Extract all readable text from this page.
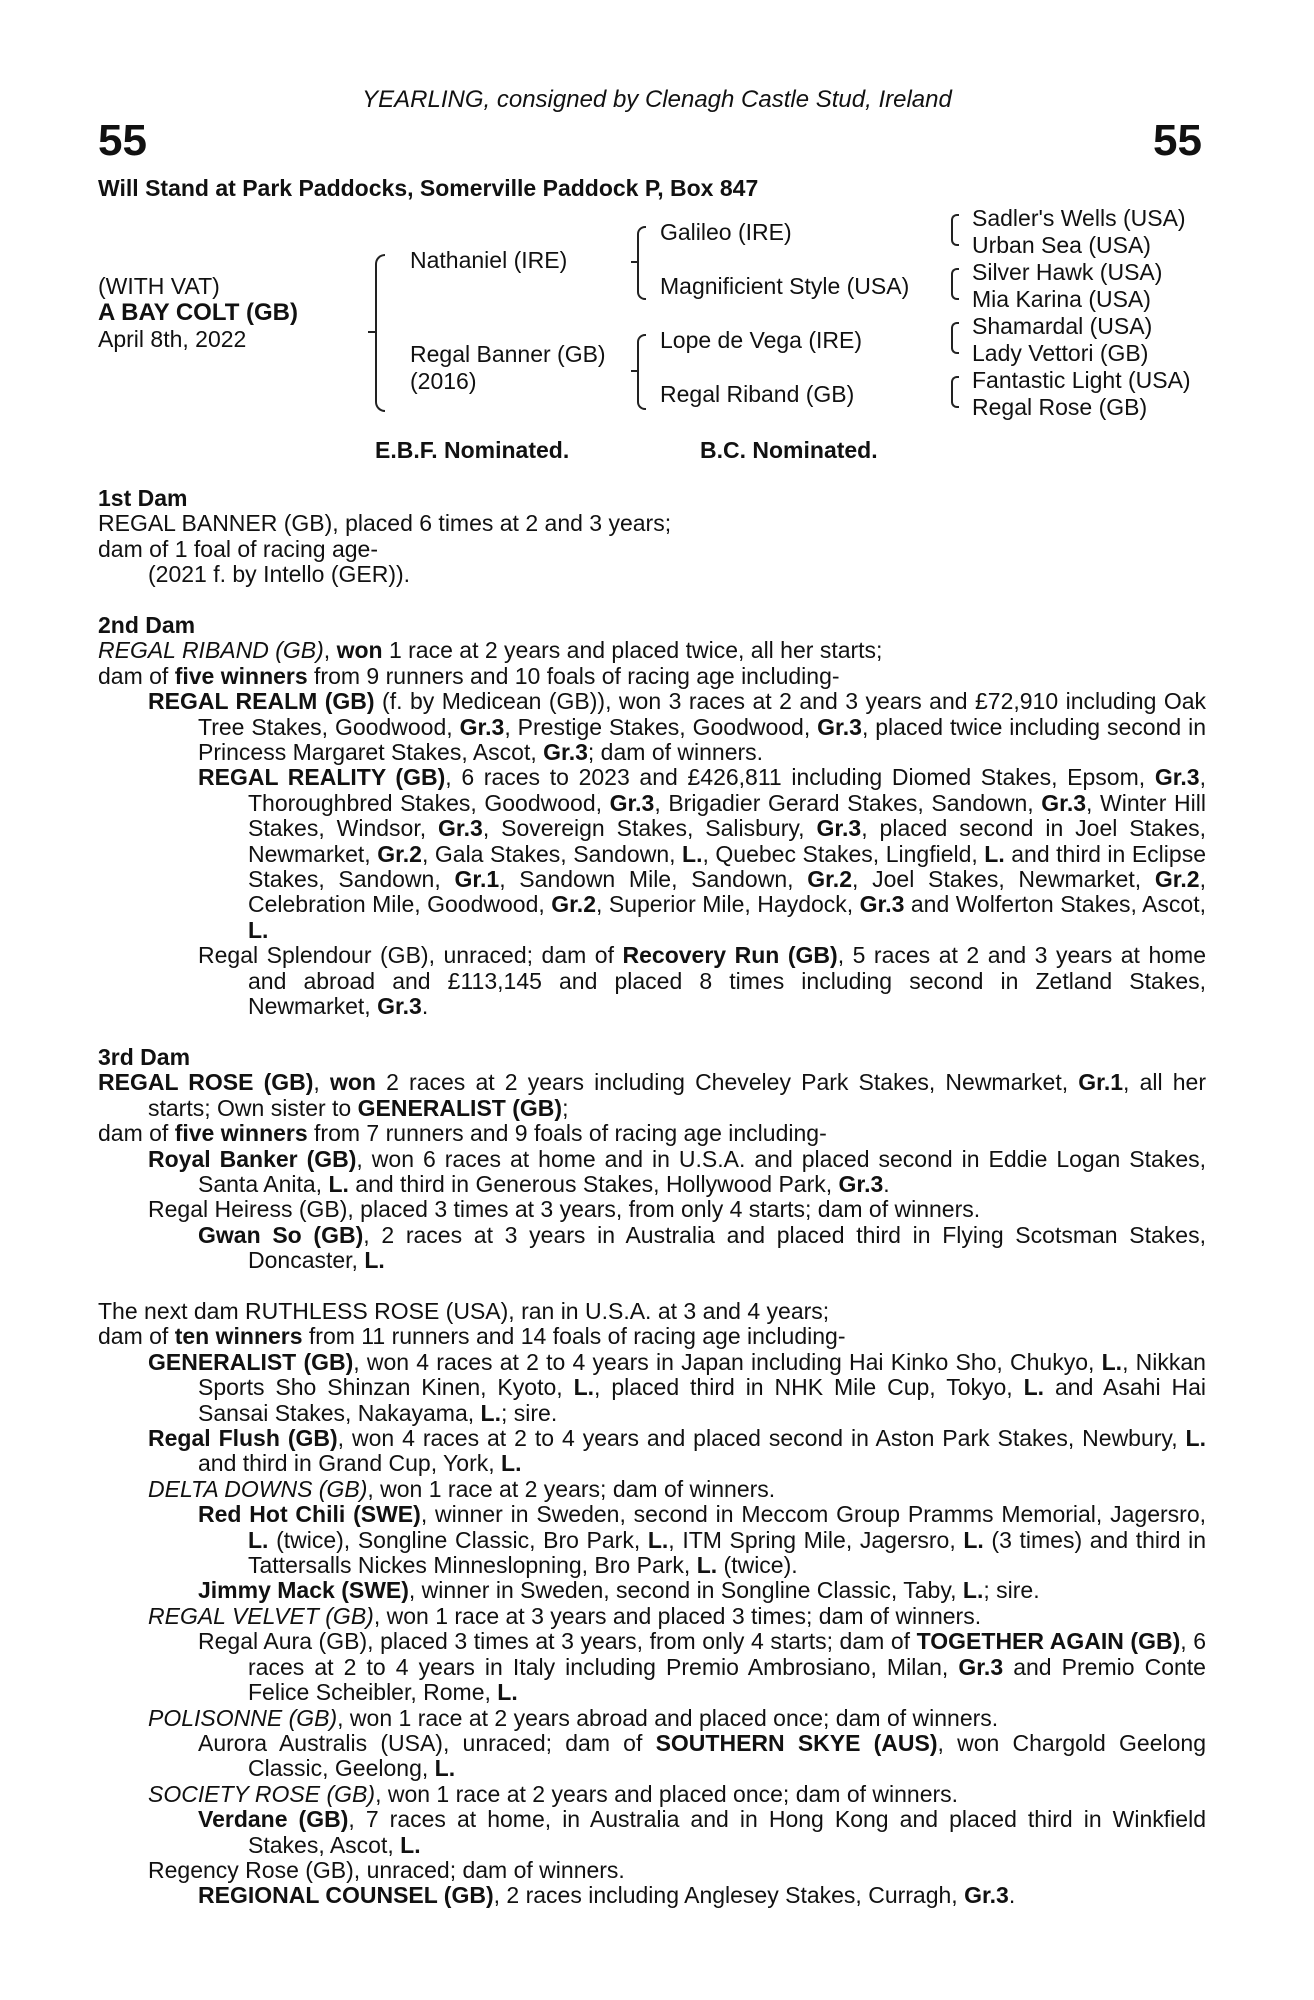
YEARLING, consigned by Clenagh Castle Stud, Ireland
55	55
Will Stand at Park Paddocks, Somerville Paddock P, Box 847
(WITH VAT)
A BAY COLT (GB)
April 8th, 2022
Nathaniel (IRE)
Regal Banner (GB)
(2016)
Galileo (IRE)
Magnificient Style (USA)
Lope de Vega (IRE)
Regal Riband (GB)
Sadler's Wells (USA)
Urban Sea (USA)
Silver Hawk (USA)
Mia Karina (USA)
Shamardal (USA)
Lady Vettori (GB)
Fantastic Light (USA)
Regal Rose (GB)
E.B.F. Nominated.	B.C. Nominated.

1st Dam

REGAL BANNER (GB), placed 6 times at 2 and 3 years;

dam of 1 foal of racing age-

(2021 f. by Intello (GER)).

2nd Dam

REGAL RIBAND (GB), won 1 race at 2 years and placed twice, all her starts;

dam of five winners from 9 runners and 10 foals of racing age including-

REGAL REALM (GB) (f. by Medicean (GB)), won 3 races at 2 and 3 years and £72,910 including Oak Tree Stakes, Goodwood, Gr.3, Prestige Stakes, Goodwood, Gr.3, placed twice including second in Princess Margaret Stakes, Ascot, Gr.3; dam of winners.

REGAL REALITY (GB), 6 races to 2023 and £426,811 including Diomed Stakes, Epsom, Gr.3, Thoroughbred Stakes, Goodwood, Gr.3, Brigadier Gerard Stakes, Sandown, Gr.3, Winter Hill Stakes, Windsor, Gr.3, Sovereign Stakes, Salisbury, Gr.3, placed second in Joel Stakes, Newmarket, Gr.2, Gala Stakes, Sandown, L., Quebec Stakes, Lingfield, L. and third in Eclipse Stakes, Sandown, Gr.1, Sandown Mile, Sandown, Gr.2, Joel Stakes, Newmarket, Gr.2, Celebration Mile, Goodwood, Gr.2, Superior Mile, Haydock, Gr.3 and Wolferton Stakes, Ascot, L.

Regal Splendour (GB), unraced; dam of Recovery Run (GB), 5 races at 2 and 3 years at home and abroad and £113,145 and placed 8 times including second in Zetland Stakes, Newmarket, Gr.3.

3rd Dam

REGAL ROSE (GB), won 2 races at 2 years including Cheveley Park Stakes, Newmarket, Gr.1, all her starts; Own sister to GENERALIST (GB);

dam of five winners from 7 runners and 9 foals of racing age including-

Royal Banker (GB), won 6 races at home and in U.S.A. and placed second in Eddie Logan Stakes, Santa Anita, L. and third in Generous Stakes, Hollywood Park, Gr.3.

Regal Heiress (GB), placed 3 times at 3 years, from only 4 starts; dam of winners.

Gwan So (GB), 2 races at 3 years in Australia and placed third in Flying Scotsman Stakes, Doncaster, L.

The next dam RUTHLESS ROSE (USA), ran in U.S.A. at 3 and 4 years;

dam of ten winners from 11 runners and 14 foals of racing age including-

GENERALIST (GB), won 4 races at 2 to 4 years in Japan including Hai Kinko Sho, Chukyo, L., Nikkan Sports Sho Shinzan Kinen, Kyoto, L., placed third in NHK Mile Cup, Tokyo, L. and Asahi Hai Sansai Stakes, Nakayama, L.; sire.

Regal Flush (GB), won 4 races at 2 to 4 years and placed second in Aston Park Stakes, Newbury, L. and third in Grand Cup, York, L.

DELTA DOWNS (GB), won 1 race at 2 years; dam of winners.

Red Hot Chili (SWE), winner in Sweden, second in Meccom Group Pramms Memorial, Jagersro, L. (twice), Songline Classic, Bro Park, L., ITM Spring Mile, Jagersro, L. (3 times) and third in Tattersalls Nickes Minneslopning, Bro Park, L. (twice).

Jimmy Mack (SWE), winner in Sweden, second in Songline Classic, Taby, L.; sire.

REGAL VELVET (GB), won 1 race at 3 years and placed 3 times; dam of winners.

Regal Aura (GB), placed 3 times at 3 years, from only 4 starts; dam of TOGETHER AGAIN (GB), 6 races at 2 to 4 years in Italy including Premio Ambrosiano, Milan, Gr.3 and Premio Conte Felice Scheibler, Rome, L.

POLISONNE (GB), won 1 race at 2 years abroad and placed once; dam of winners.

Aurora Australis (USA), unraced; dam of SOUTHERN SKYE (AUS), won Chargold Geelong Classic, Geelong, L.

SOCIETY ROSE (GB), won 1 race at 2 years and placed once; dam of winners.

Verdane (GB), 7 races at home, in Australia and in Hong Kong and placed third in Winkfield Stakes, Ascot, L.

Regency Rose (GB), unraced; dam of winners.

REGIONAL COUNSEL (GB), 2 races including Anglesey Stakes, Curragh, Gr.3.
